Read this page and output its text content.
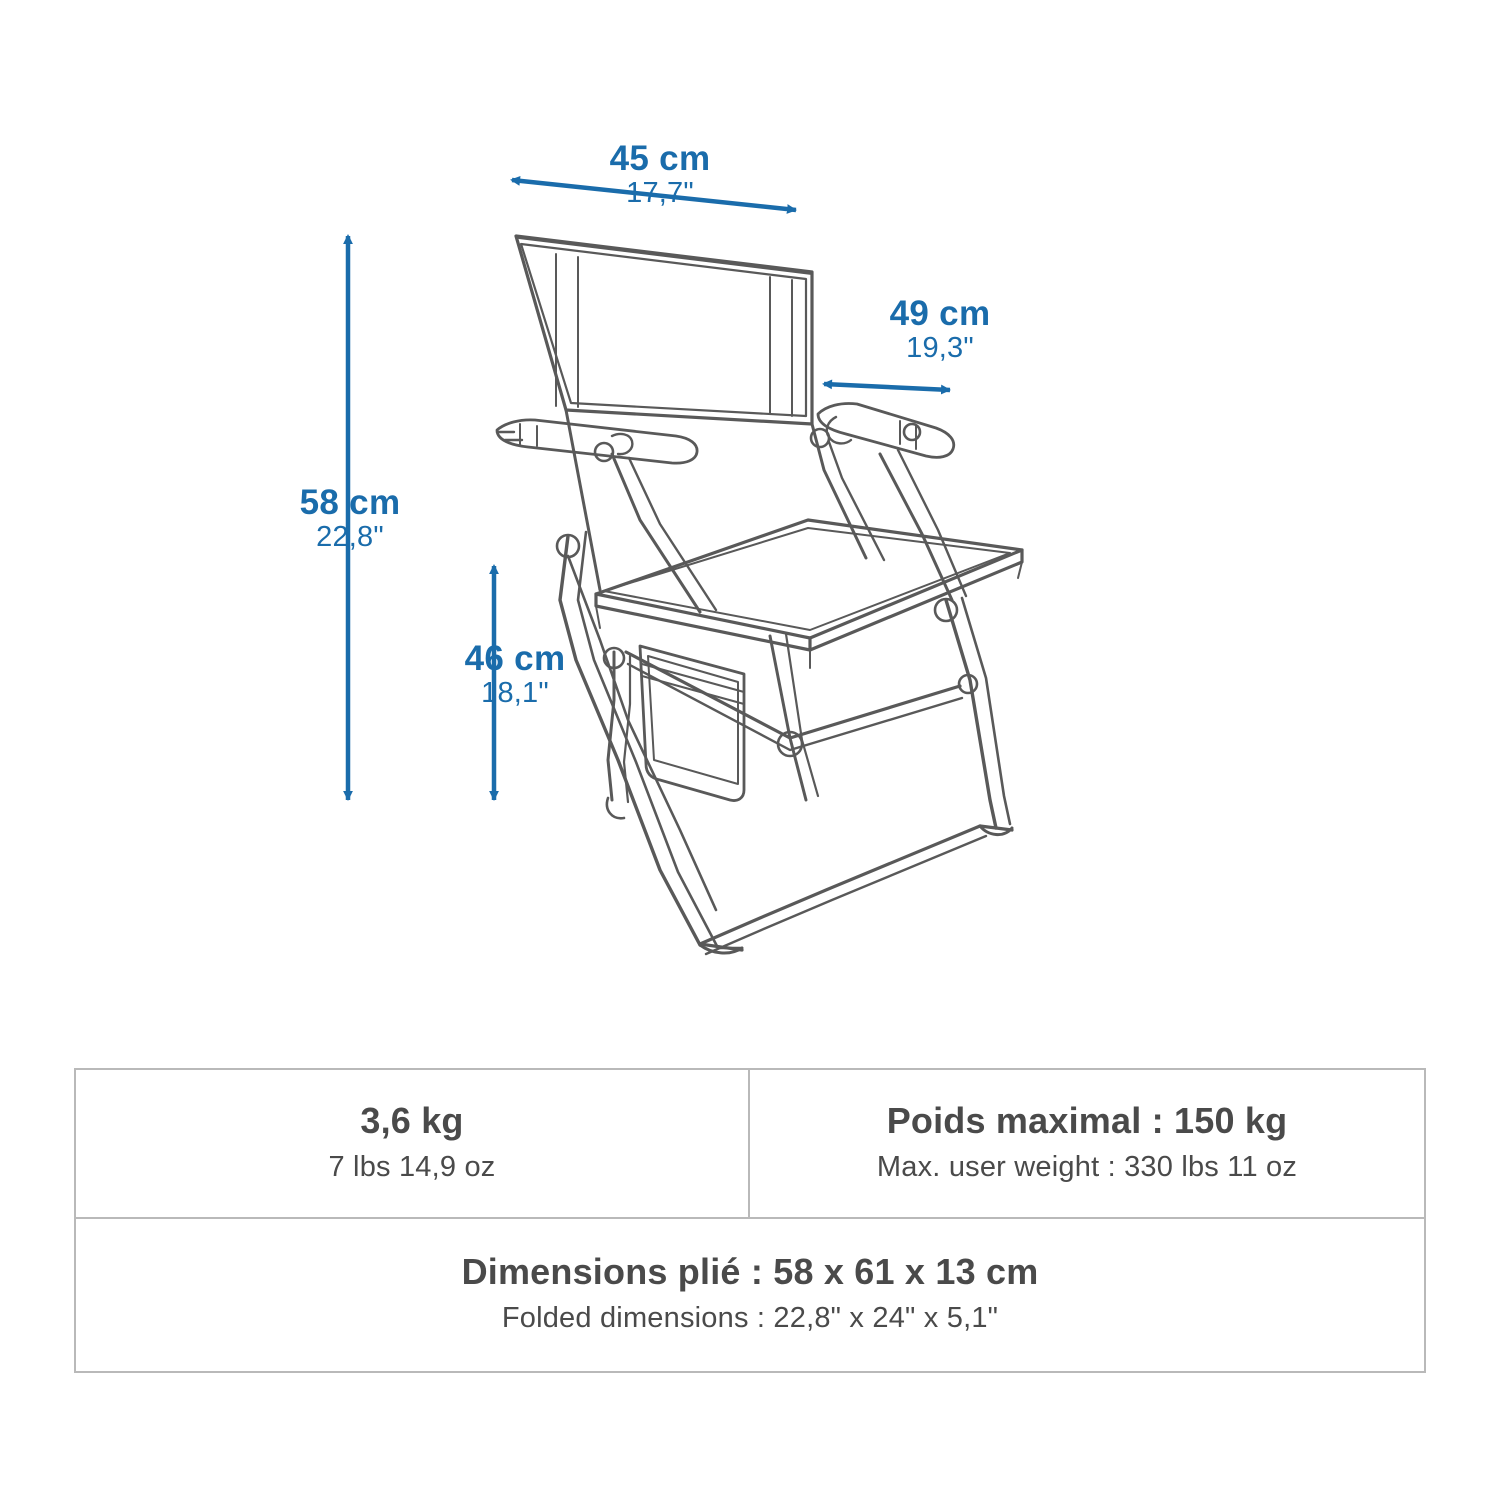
45 cm
17,7"
49 cm
19,3"
58 cm
22,8"
46 cm
18,1"
3,6 kg
7 lbs 14,9 oz
Poids maximal : 150 kg
Max. user weight : 330 lbs 11 oz
Dimensions plié : 58 x 61 x 13 cm
Folded dimensions : 22,8" x 24" x 5,1"
